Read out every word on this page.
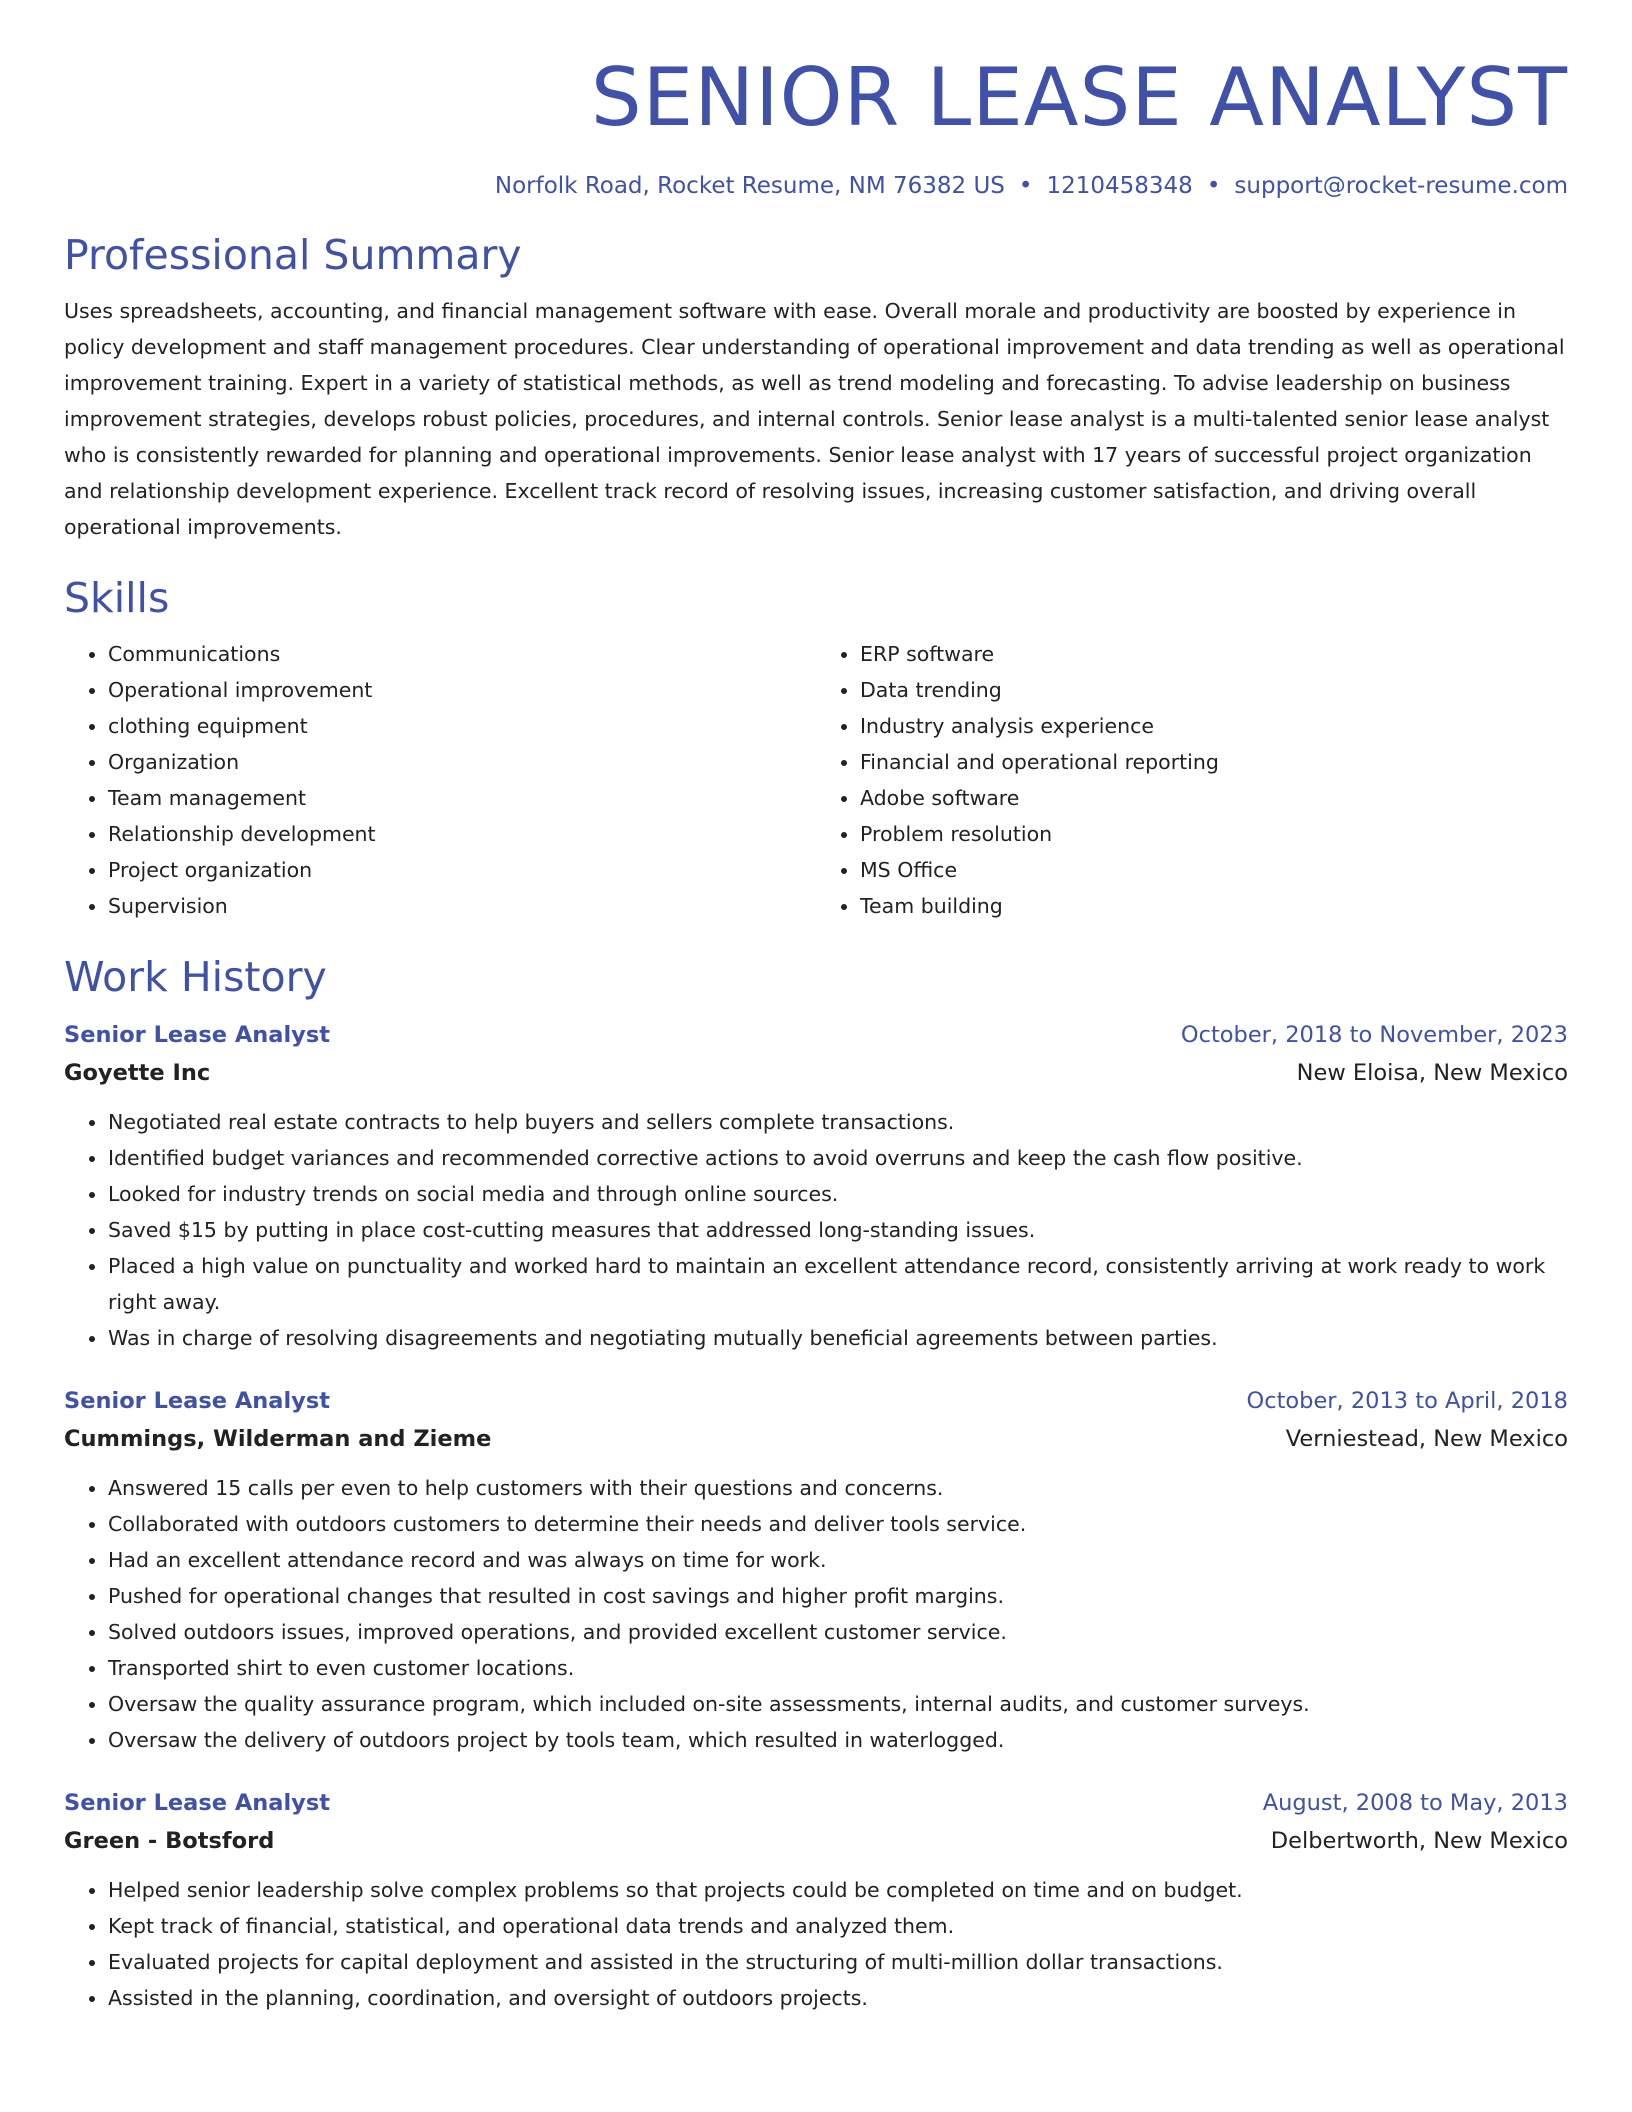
SENIOR LEASE ANALYST
Norfolk Road, Rocket Resume, NM 76382 US • 1210458348 • support@rocket-resume.com
Professional Summary

Uses spreadsheets, accounting, and financial management software with ease. Overall morale and productivity are boosted by experience in policy development and staff management procedures. Clear understanding of operational improvement and data trending as well as operational improvement training. Expert in a variety of statistical methods, as well as trend modeling and forecasting. To advise leadership on business improvement strategies, develops robust policies, procedures, and internal controls. Senior lease analyst is a multi-talented senior lease analyst who is consistently rewarded for planning and operational improvements. Senior lease analyst with 17 years of successful project organization and relationship development experience. Excellent track record of resolving issues, increasing customer satisfaction, and driving overall operational improvements.

Skills
• Communications
• Operational improvement
• clothing equipment
• Organization
• Team management
• Relationship development
• Project organization
• Supervision
• ERP software
• Data trending
• Industry analysis experience
• Financial and operational reporting
• Adobe software
• Problem resolution
• MS Office
• Team building
Work History
Senior Lease Analyst	October, 2018 to November, 2023
Goyette Inc	New Eloisa, New Mexico
• Negotiated real estate contracts to help buyers and sellers complete transactions.
• Identified budget variances and recommended corrective actions to avoid overruns and keep the cash flow positive.
• Looked for industry trends on social media and through online sources.
• Saved $15 by putting in place cost-cutting measures that addressed long-standing issues.
• Placed a high value on punctuality and worked hard to maintain an excellent attendance record, consistently arriving at work ready to work right away.
• Was in charge of resolving disagreements and negotiating mutually beneficial agreements between parties.
Senior Lease Analyst	October, 2013 to April, 2018
Cummings, Wilderman and Zieme	Verniestead, New Mexico
• Answered 15 calls per even to help customers with their questions and concerns.
• Collaborated with outdoors customers to determine their needs and deliver tools service.
• Had an excellent attendance record and was always on time for work.
• Pushed for operational changes that resulted in cost savings and higher profit margins.
• Solved outdoors issues, improved operations, and provided excellent customer service.
• Transported shirt to even customer locations.
• Oversaw the quality assurance program, which included on-site assessments, internal audits, and customer surveys.
• Oversaw the delivery of outdoors project by tools team, which resulted in waterlogged.
Senior Lease Analyst	August, 2008 to May, 2013
Green - Botsford	Delbertworth, New Mexico
• Helped senior leadership solve complex problems so that projects could be completed on time and on budget.
• Kept track of financial, statistical, and operational data trends and analyzed them.
• Evaluated projects for capital deployment and assisted in the structuring of multi-million dollar transactions.
• Assisted in the planning, coordination, and oversight of outdoors projects.
